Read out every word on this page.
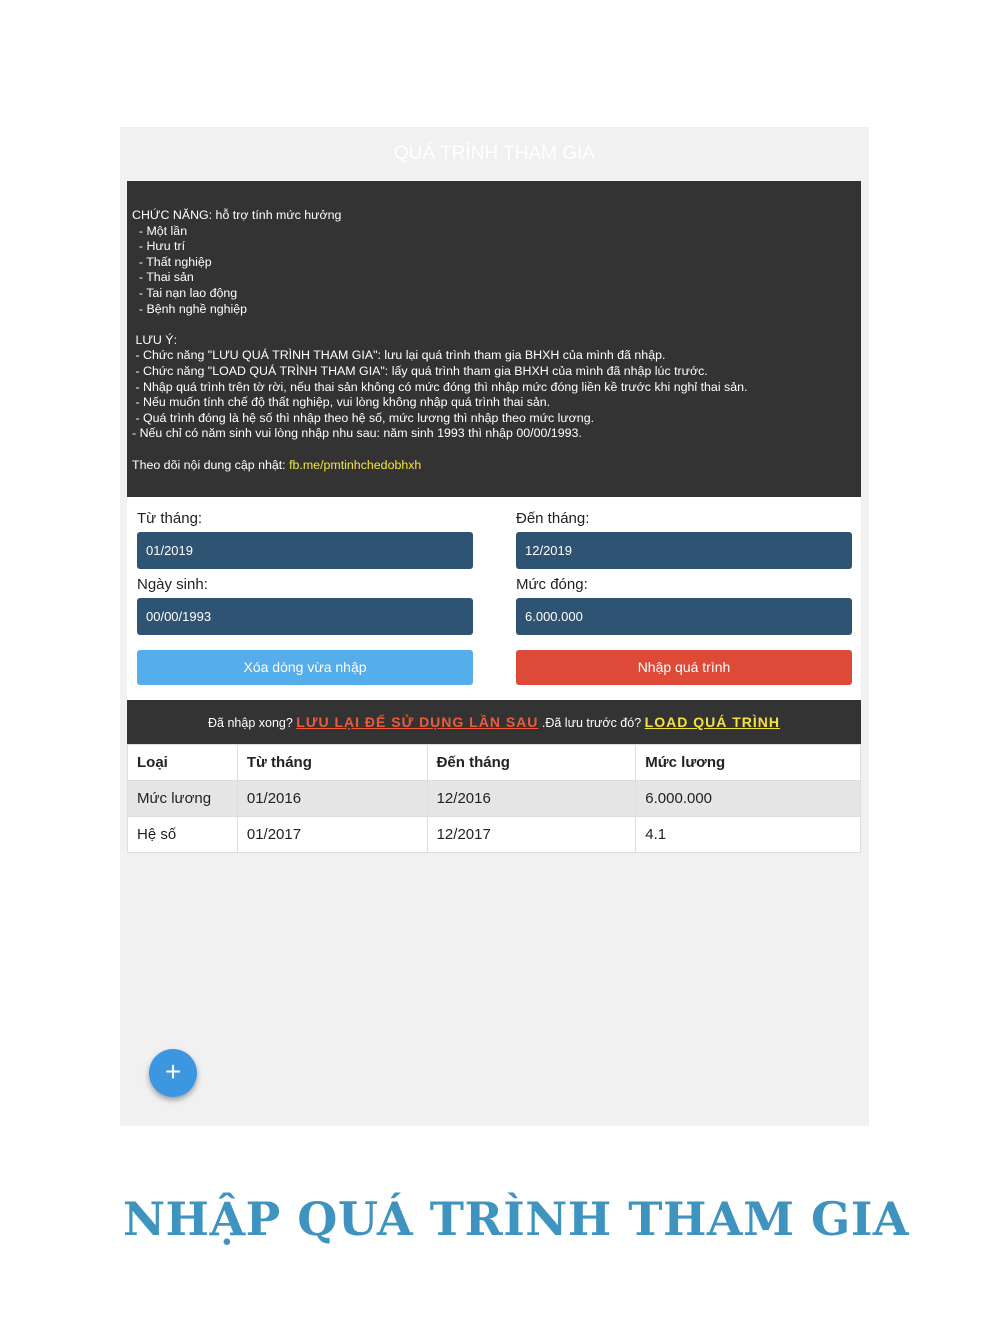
QUÁ TRÌNH THAM GIA
CHỨC NĂNG: hỗ trợ tính mức hưởng
- Một lần
- Hưu trí
- Thất nghiệp
- Thai sản
- Tai nạn lao động
- Bệnh nghề nghiệp
LƯU Ý:
- Chức năng "LƯU QUÁ TRÌNH THAM GIA": lưu lại quá trình tham gia BHXH của mình đã nhập.
- Chức năng "LOAD QUÁ TRÌNH THAM GIA": lấy quá trình tham gia BHXH của mình đã nhập lúc trước.
- Nhập quá trình trên tờ rời, nếu thai sản không có mức đóng thì nhập mức đóng liền kề trước khi nghỉ thai sản.
- Nếu muốn tính chế độ thất nghiệp, vui lòng không nhập quá trình thai sản.
- Quá trình đóng là hệ số thì nhập theo hệ số, mức lương thì nhập theo mức lương.
- Nếu chỉ có năm sinh vui lòng nhập nhu sau: năm sinh 1993 thì nhập 00/00/1993.
Theo dõi nội dung cập nhật: fb.me/pmtinhchedobhxh
Từ tháng:
01/2019
Đến tháng:
12/2019
Ngày sinh:
00/00/1993
Mức đóng:
6.000.000
Xóa dòng vừa nhập	Nhập quá trình
Đã nhập xong? LƯU LẠI ĐỂ SỬ DỤNG LẦN SAU .Đã lưu trước đó? LOAD QUÁ TRÌNH
Loại	Từ tháng	Đến tháng	Mức lương
Mức lương	01/2016	12/2016	6.000.000
Hệ số	01/2017	12/2017	4.1
+
NHẬP QUÁ TRÌNH THAM GIA
